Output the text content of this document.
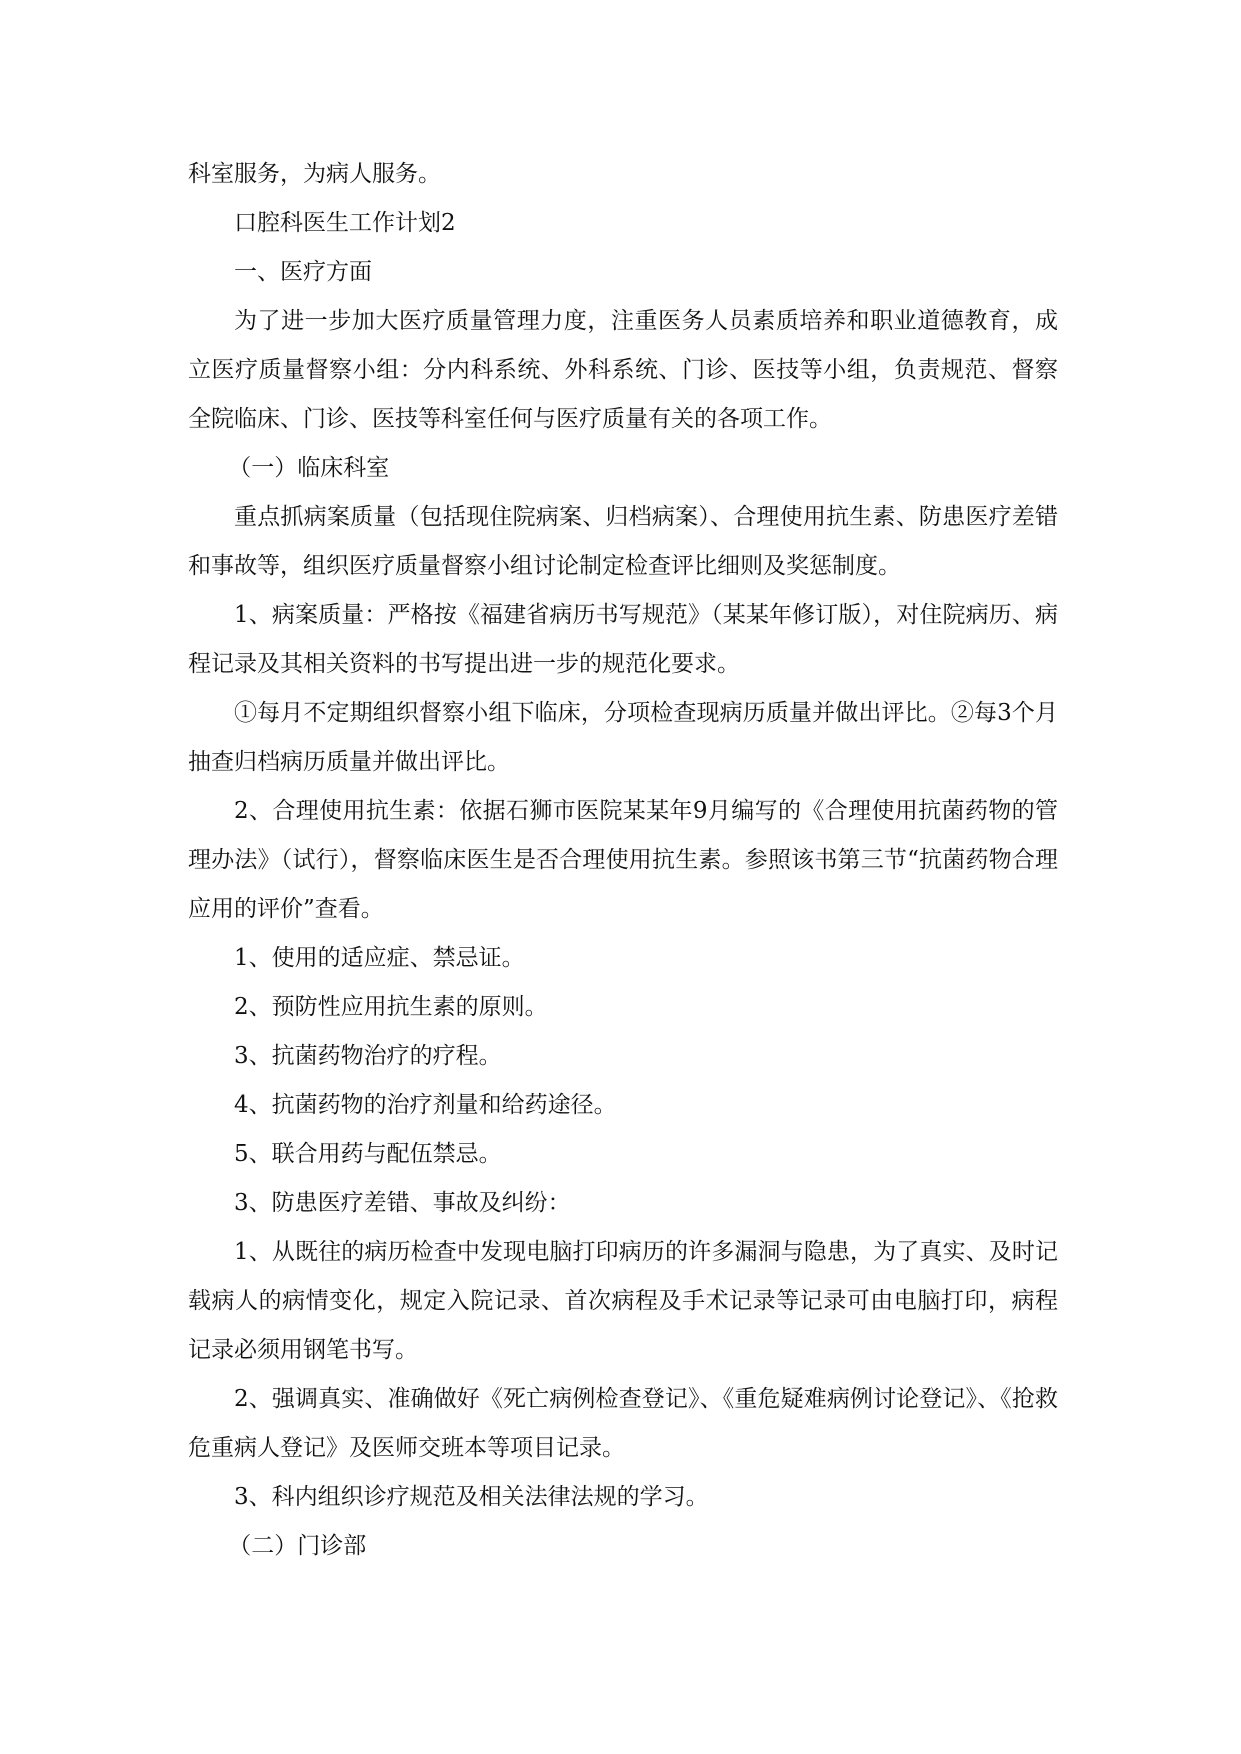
科室服务，为病人服务。

口腔科医生工作计划2

一、医疗方面

为了进一步加大医疗质量管理力度，注重医务人员素质培养和职业道德教育，成立医疗质量督察小组：分内科系统、外科系统、门诊、医技等小组，负责规范、督察全院临床、门诊、医技等科室任何与医疗质量有关的各项工作。

（一）临床科室

重点抓病案质量（包括现住院病案、归档病案）、合理使用抗生素、防患医疗差错和事故等，组织医疗质量督察小组讨论制定检查评比细则及奖惩制度。

1、病案质量：严格按《福建省病历书写规范》（某某年修订版），对住院病历、病程记录及其相关资料的书写提出进一步的规范化要求。

①每月不定期组织督察小组下临床，分项检查现病历质量并做出评比。②每3个月抽查归档病历质量并做出评比。

2、合理使用抗生素：依据石狮市医院某某年9月编写的《合理使用抗菌药物的管理办法》（试行），督察临床医生是否合理使用抗生素。参照该书第三节“抗菌药物合理应用的评价”查看。

1、使用的适应症、禁忌证。

2、预防性应用抗生素的原则。

3、抗菌药物治疗的疗程。

4、抗菌药物的治疗剂量和给药途径。

5、联合用药与配伍禁忌。

3、防患医疗差错、事故及纠纷：

1、从既往的病历检查中发现电脑打印病历的许多漏洞与隐患，为了真实、及时记载病人的病情变化，规定入院记录、首次病程及手术记录等记录可由电脑打印，病程记录必须用钢笔书写。

2、强调真实、准确做好《死亡病例检查登记》、《重危疑难病例讨论登记》、《抢救危重病人登记》及医师交班本等项目记录。

3、科内组织诊疗规范及相关法律法规的学习。

（二）门诊部
